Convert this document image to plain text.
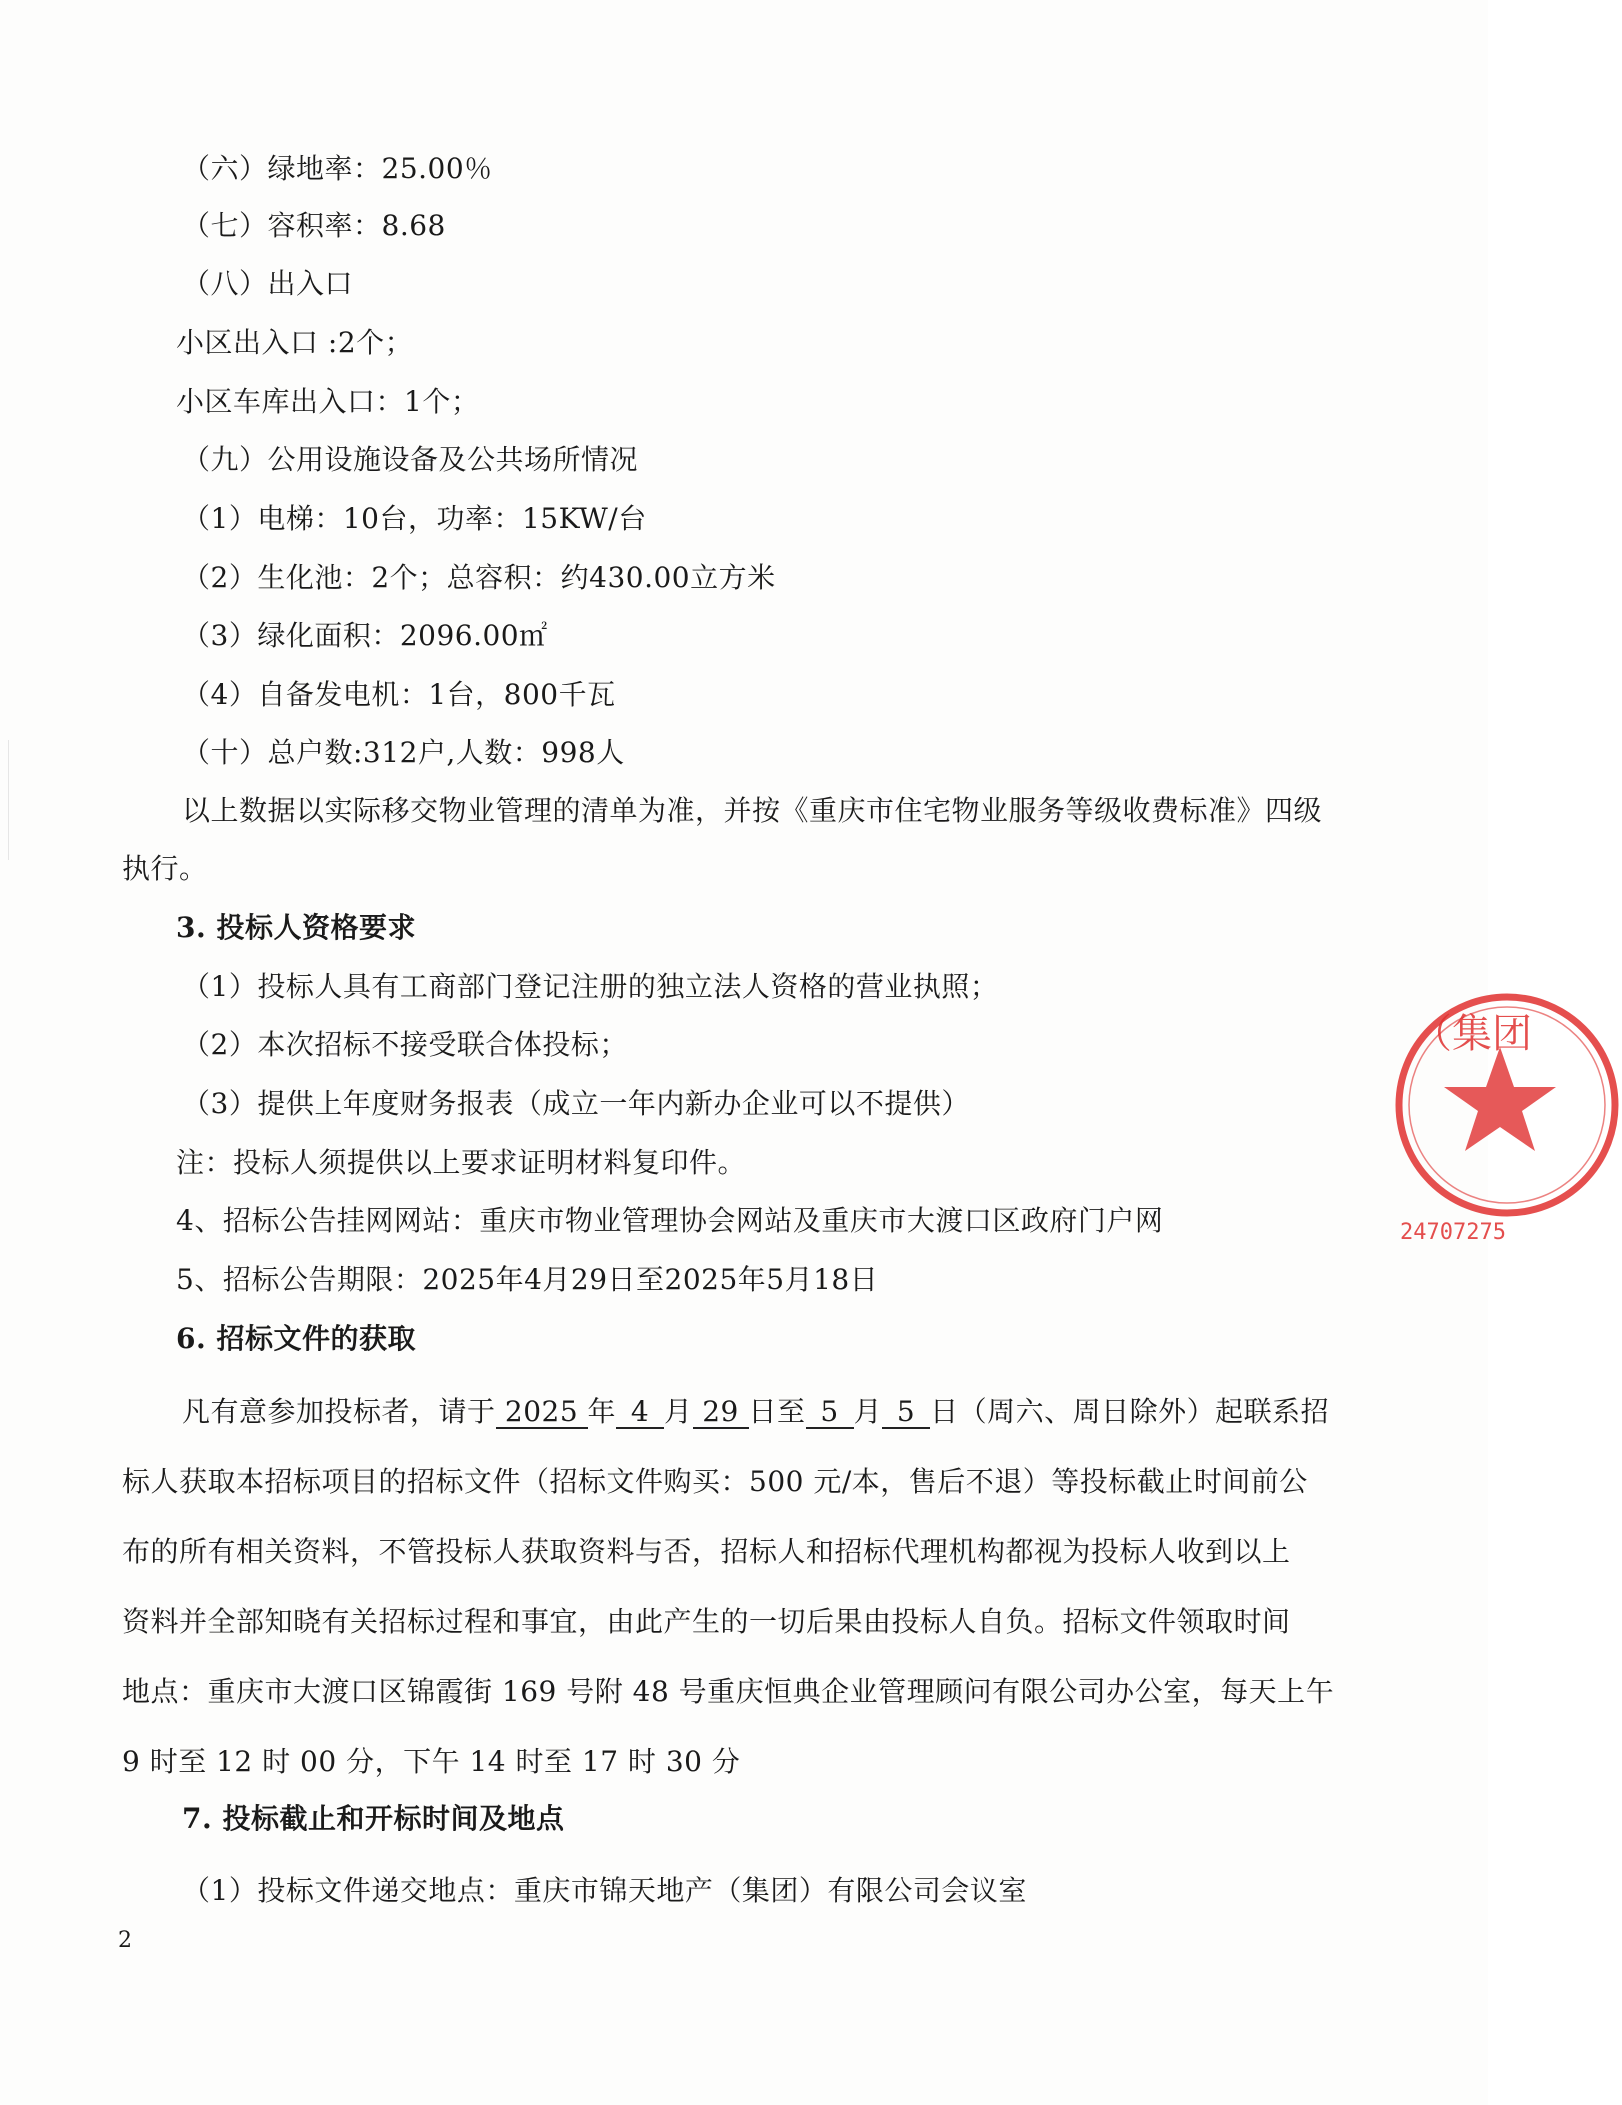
（六）绿地率：25.00％
（七）容积率：8.68
（八）出入口
小区出入口 :2个；
小区车库出入口：1个；
（九）公用设施设备及公共场所情况
（1）电梯：10台，功率：15KW/台
（2）生化池：2个；总容积：约430.00立方米
（3）绿化面积：2096.00㎡
（4）自备发电机：1台，800千瓦
（十）总户数:312户,人数：998人
以上数据以实际移交物业管理的清单为准，并按《重庆市住宅物业服务等级收费标准》四级
执行。
3. 投标人资格要求
（1）投标人具有工商部门登记注册的独立法人资格的营业执照；
（2）本次招标不接受联合体投标；
（3）提供上年度财务报表（成立一年内新办企业可以不提供）
注：投标人须提供以上要求证明材料复印件。
4、招标公告挂网网站：重庆市物业管理协会网站及重庆市大渡口区政府门户网
5、招标公告期限：2025年4月29日至2025年5月18日
6. 招标文件的获取
凡有意参加投标者，请于 2025 年 4 月 29 日至 5 月 5 日（周六、周日除外）起联系招
标人获取本招标项目的招标文件（招标文件购买：500 元/本，售后不退）等投标截止时间前公
布的所有相关资料，不管投标人获取资料与否，招标人和招标代理机构都视为投标人收到以上
资料并全部知晓有关招标过程和事宜，由此产生的一切后果由投标人自负。招标文件领取时间
地点：重庆市大渡口区锦霞街 169 号附 48 号重庆恒典企业管理顾问有限公司办公室，每天上午
9 时至 12 时 00 分，下午 14 时至 17 时 30 分
7. 投标截止和开标时间及地点
（1）投标文件递交地点：重庆市锦天地产（集团）有限公司会议室
2
（集团
24707275
